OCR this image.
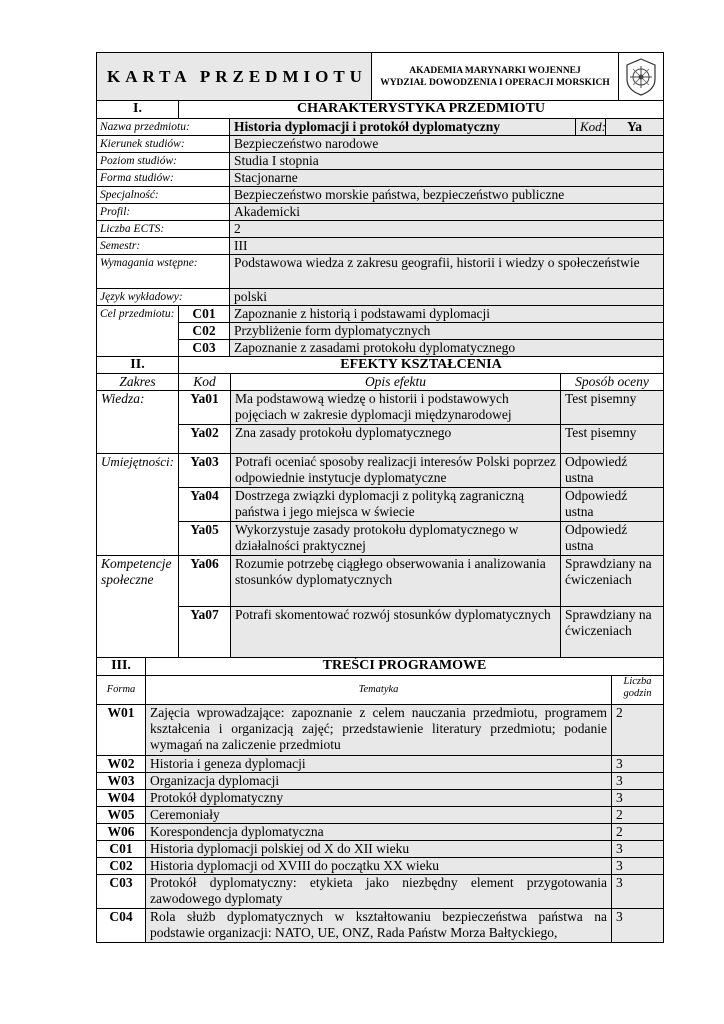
KARTA PRZEDMIOTU	AKADEMIA MARYNARKI WOJENNEJ
WYDZIAŁ DOWODZENIA I OPERACJI MORSKICH

I.	CHARAKTERYSTYKA PRZEDMIOTU			
Nazwa przedmiotu:		Historia dyplomacji i protokół dyplomatyczny	Kod:	Ya
Kierunek studiów:		Bezpieczeństwo narodowe		
Poziom studiów:		Studia I stopnia		
Forma studiów:		Stacjonarne		
Specjalność:		Bezpieczeństwo morskie państwa, bezpieczeństwo publiczne		
Profil:		Akademicki		
Liczba ECTS:		2		
Semestr:		III		
Wymagania wstępne:		Podstawowa wiedza z zakresu geografii, historii i wiedzy o społeczeństwie		
Język wykładowy:		polski		
Cel przedmiotu:	C01	Zapoznanie z historią i podstawami dyplomacji		
	C02	Przybliżenie form dyplomatycznych		
	C03	Zapoznanie z zasadami protokołu dyplomatycznego		
II.	EFEKTY KSZTAŁCENIA		
Zakres	Kod	Opis efektu	Sposób oceny
Wiedza:	Ya01	Ma podstawową wiedzę o historii i podstawowych pojęciach w zakresie dyplomacji międzynarodowej	Test pisemny
	Ya02	Zna zasady protokołu dyplomatycznego	Test pisemny
Umiejętności:	Ya03	Potrafi oceniać sposoby realizacji interesów Polski poprzez odpowiednie instytucje dyplomatyczne	Odpowiedź ustna
	Ya04	Dostrzega związki dyplomacji z polityką zagraniczną państwa i jego miejsca w świecie	Odpowiedź ustna
	Ya05	Wykorzystuje zasady protokołu dyplomatycznego w działalności praktycznej	Odpowiedź ustna
Kompetencje społeczne	Ya06	Rozumie potrzebę ciągłego obserwowania i analizowania stosunków dyplomatycznych	Sprawdziany na ćwiczeniach
	Ya07	Potrafi skomentować rozwój stosunków dyplomatycznych	Sprawdziany na ćwiczeniach
III.	TREŚCI PROGRAMOWE	
Forma	Tematyka	Liczba godzin
W01	Zajęcia wprowadzające: zapoznanie z celem nauczania przedmiotu, programem kształcenia i organizacją zajęć; przedstawienie literatury przedmiotu; podanie wymagań na zaliczenie przedmiotu	2
W02	Historia i geneza dyplomacji	3
W03	Organizacja dyplomacji	3
W04	Protokół dyplomatyczny	3
W05	Ceremoniały	2
W06	Korespondencja dyplomatyczna	2
C01	Historia dyplomacji polskiej od X do XII wieku	3
C02	Historia dyplomacji od XVIII do początku XX wieku	3
C03	Protokół dyplomatyczny: etykieta jako niezbędny element przygotowania zawodowego dyplomaty	3
C04	Rola służb dyplomatycznych w kształtowaniu bezpieczeństwa państwa na podstawie organizacji: NATO, UE, ONZ, Rada Państw Morza Bałtyckiego,	3
